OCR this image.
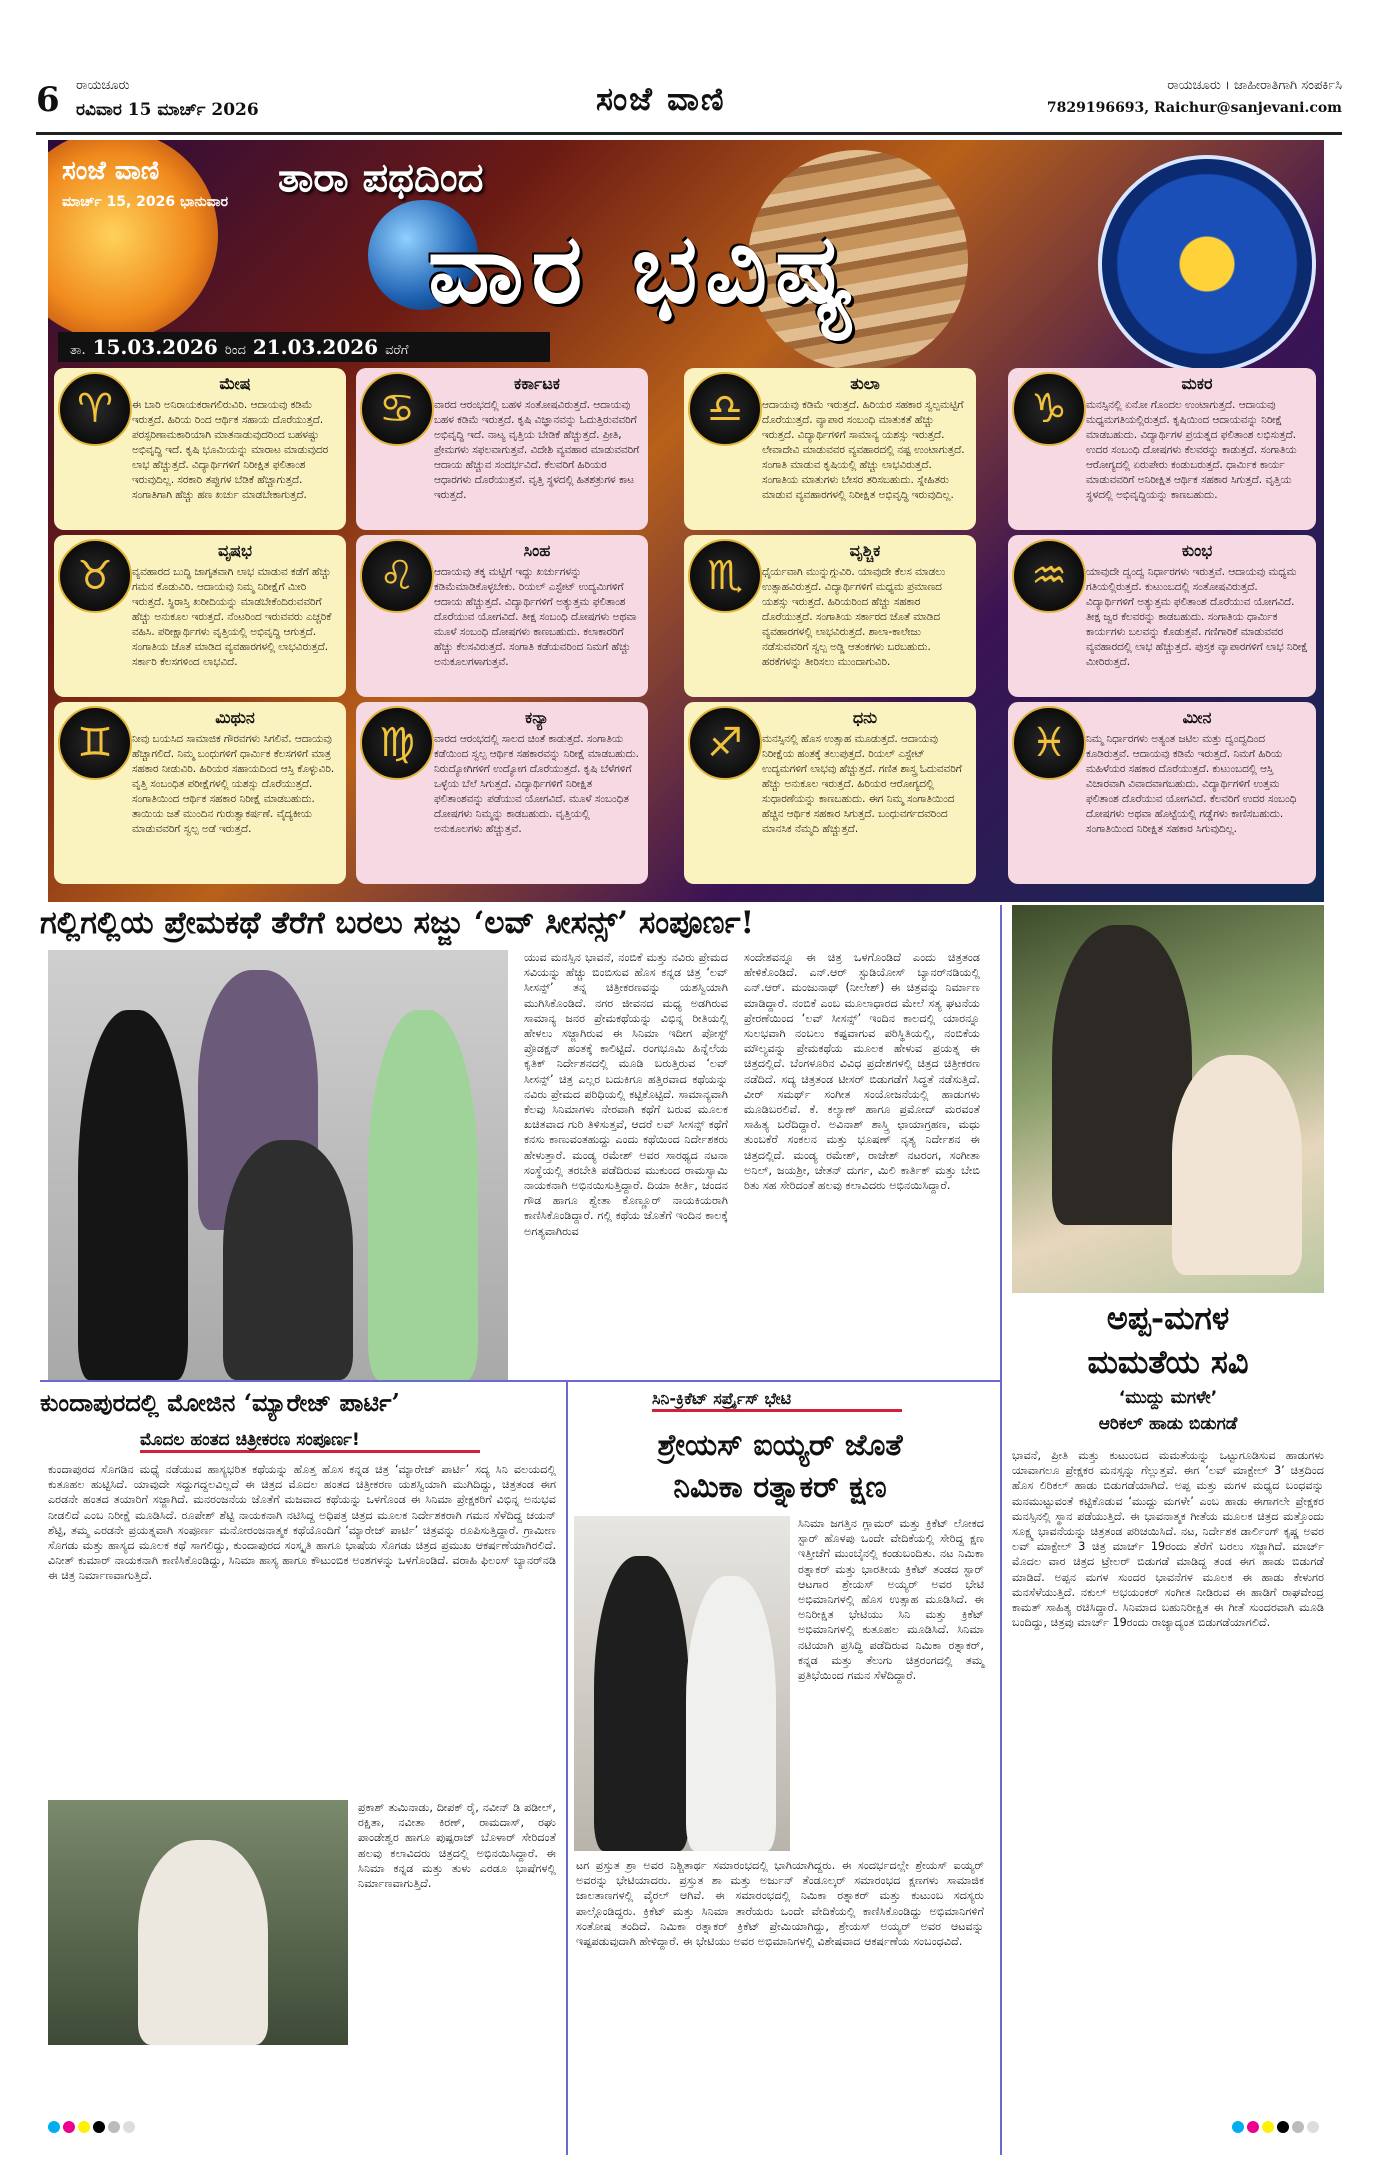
6 ರಾಯಚೂರು
ರವಿವಾರ 15 ಮಾರ್ಚ್ 2026	ಸಂಜೆ ವಾಣಿ	ರಾಯಚೂರು । ಜಾಹೀರಾತಿಗಾಗಿ ಸಂಪರ್ಕಿಸಿ
7829196693, Raichur@sanjevani.com
ಸಂಜೆ ವಾಣಿ
ಮಾರ್ಚ್ 15, 2026 ಭಾನುವಾರ
ತಾರಾ ಪಥದಿಂದ
ವಾರ ಭವಿಷ್ಯ
ತಾ. 15.03.2026 ರಿಂದ 21.03.2026 ವರೆಗೆ
♈
ಮೇಷ
ಈ ಬಾರಿ ಅನಿರಾಯಕರಾಗಲಿರುವಿರಿ. ಆದಾಯವು ಕಡಿಮೆ ಇರುತ್ತದೆ. ಹಿರಿಯ ರಿಂದ ಆರ್ಥಿಕ ಸಹಾಯ ದೊರೆಯುತ್ತದೆ. ಪರಸ್ಪರಿಣಾಮಕಾರಿಯಾಗಿ ಮಾತನಾಡುವುದರಿಂದ ಬಹಳಷ್ಟು ಅಭಿವೃದ್ಧಿ ಇದೆ. ಕೃಷಿ ಭೂಮಿಯನ್ನು ಮಾರಾಟ ಮಾಡುವುದರ ಲಾಭ ಹೆಚ್ಚುತ್ತದೆ. ವಿದ್ಯಾರ್ಥಿಗಳಿಗೆ ನಿರೀಕ್ಷಿತ ಫಲಿತಾಂಶ ಇರುವುದಿಲ್ಲ. ಸರಕಾರಿ ತಪ್ಪುಗಳ ಬೆಡಿಕೆ ಹೆಚ್ಚಾಗುತ್ತದೆ. ಸಂಗಾತಿಗಾಗಿ ಹೆಚ್ಚು ಹಣ ಖರ್ಚು ಮಾಡಬೇಕಾಗುತ್ತದೆ.
♉
ವೃಷಭ
ವ್ಯವಹಾರದ ಬುದ್ಧಿ ಜಾಗೃತವಾಗಿ ಲಾಭ ಮಾಡುವ ಕಡೆಗೆ ಹೆಚ್ಚು ಗಮನ ಕೊಡುವಿರಿ. ಆದಾಯವು ನಿಮ್ಮ ನಿರೀಕ್ಷೆಗೆ ಮೀರಿ ಇರುತ್ತದೆ. ಸ್ಥಿರಾಸ್ತಿ ಖರೀದಿಯನ್ನು ಮಾಡಬೇಕೆಂದಿರುವವರಿಗೆ ಹೆಚ್ಚು ಅನುಕೂಲ ಇರುತ್ತದೆ. ನೆಂಟರಿಂದ ಇರುವವರು ಎಚ್ಚರಿಕೆ ವಹಿಸಿ. ಪರೀಕ್ಷಾರ್ಥಿಗಳು ವೃತ್ತಿಯಲ್ಲಿ ಅಭಿವೃದ್ಧಿ ಆಗುತ್ತದೆ. ಸಂಗಾತಿಯ ಜೊತೆ ಮಾಡಿದ ವ್ಯವಹಾರಗಳಲ್ಲಿ ಲಾಭವಿರುತ್ತದೆ. ಸರ್ಕಾರಿ ಕೆಲಸಗಳಿಂದ ಲಾಭವಿದೆ.
♊
ಮಿಥುನ
ನೀವು ಬಯಸಿದ ಸಾಮಾಜಿಕ ಗೌರವಗಳು ಸಿಗಲಿವೆ. ಆದಾಯವು ಹೆಚ್ಚಾಗಲಿದೆ. ನಿಮ್ಮ ಬಂಧುಗಳಿಗೆ ಧಾರ್ಮಿಕ ಕೆಲಸಗಳಿಗೆ ಮಾತ್ರ ಸಹಕಾರ ನೀಡುವಿರಿ. ಹಿರಿಯರ ಸಹಾಯದಿಂದ ಆಸ್ತಿ ಕೊಳ್ಳುವಿರಿ. ವೃತ್ತಿ ಸಂಬಂಧಿತ ಪರೀಕ್ಷೆಗಳಲ್ಲಿ ಯಶಸ್ಸು ದೊರೆಯುತ್ತದೆ. ಸಂಗಾತಿಯಿಂದ ಆರ್ಥಿಕ ಸಹಕಾರ ನಿರೀಕ್ಷೆ ಮಾಡಬಹುದು. ತಾಯಿಯ ಜತೆ ಮುಂದಿನ ಗುರುತ್ವಾಕರ್ಷಣೆ. ವೈದ್ಯಕೀಯ ಮಾಡುವವರಿಗೆ ಸ್ವಲ್ಪ ಅಡೆ ಇರುತ್ತದೆ.
♋
ಕರ್ಕಾಟಕ
ವಾರದ ಆರಂಭದಲ್ಲಿ ಬಹಳ ಸಂತೋಷವಿರುತ್ತದೆ. ಆದಾಯವು ಬಹಳ ಕಡಿಮೆ ಇರುತ್ತದೆ. ಕೃಷಿ ವಿಜ್ಞಾನವನ್ನು ಓದುತ್ತಿರುವವರಿಗೆ ಅಭಿವೃದ್ಧಿ ಇದೆ. ನಾಟ್ಯ ವೃತ್ತಿಯ ಬೇಡಿಕೆ ಹೆಚ್ಚುತ್ತದೆ. ಪ್ರೀತಿ, ಪ್ರೇಮಗಳು ಸಫಲವಾಗುತ್ತವೆ. ವಿದೇಶಿ ವ್ಯವಹಾರ ಮಾಡುವವರಿಗೆ ಆದಾಯ ಹೆಚ್ಚುವ ಸಂದರ್ಭವಿದೆ. ಕೆಲವರಿಗೆ ಹಿರಿಯರ ಆಧಾರಗಳು ದೊರೆಯುತ್ತವೆ. ವೃತ್ತಿ ಸ್ಥಳದಲ್ಲಿ ಹಿತಶತ್ರುಗಳ ಕಾಟ ಇರುತ್ತದೆ.
♌
ಸಿಂಹ
ಆದಾಯವು ತಕ್ಕ ಮಟ್ಟಿಗೆ ಇದ್ದು ಖರ್ಚುಗಳನ್ನು ಕಡಿಮೆಮಾಡಿಕೊಳ್ಳಬೇಕು. ರಿಯಲ್ ಎಸ್ಟೇಟ್ ಉದ್ಯಮಿಗಳಿಗೆ ಆದಾಯ ಹೆಚ್ಚುತ್ತದೆ. ವಿದ್ಯಾರ್ಥಿಗಳಿಗೆ ಅತ್ಯುತ್ತಮ ಫಲಿತಾಂಶ ದೊರೆಯುವ ಯೋಗವಿದೆ. ತೀಕ್ಷ ಸಂಬಂಧಿ ದೋಷಗಳು ಅಥವಾ ಮೂಳೆ ಸಂಬಂಧಿ ದೋಷಗಳು ಕಾಣಬಹುದು. ಕಲಾಕಾರರಿಗೆ ಹೆಚ್ಚು ಕೆಲಸವಿರುತ್ತದೆ. ಸಂಗಾತಿ ಕಡೆಯವರಿಂದ ನಿಮಗೆ ಹೆಚ್ಚು ಅನುಕೂಲಗಳಾಗುತ್ತವೆ.
♍
ಕನ್ಯಾ
ವಾರದ ಆರಂಭದಲ್ಲಿ ಸಾಲದ ಚಿಂತೆ ಕಾಡುತ್ತದೆ. ಸಂಗಾತಿಯ ಕಡೆಯಿಂದ ಸ್ವಲ್ಪ ಆರ್ಥಿಕ ಸಹಕಾರವನ್ನು ನಿರೀಕ್ಷೆ ಮಾಡಬಹುದು. ನಿರುದ್ಯೋಗಿಗಳಿಗೆ ಉದ್ಯೋಗ ದೊರೆಯುತ್ತದೆ. ಕೃಷಿ ಬೆಳೆಗಳಿಗೆ ಒಳ್ಳೆಯ ಬೆಲೆ ಸಿಗುತ್ತದೆ. ವಿದ್ಯಾರ್ಥಿಗಳಿಗೆ ನಿರೀಕ್ಷಿತ ಫಲಿತಾಂಶವನ್ನು ಪಡೆಯುವ ಯೋಗವಿದೆ. ಮೂಳೆ ಸಂಬಂಧಿತ ದೋಷಗಳು ನಿಮ್ಮನ್ನು ಕಾಡಬಹುದು. ವೃತ್ತಿಯಲ್ಲಿ ಅನುಕೂಲಗಳು ಹೆಚ್ಚುತ್ತವೆ.
♎
ತುಲಾ
ಆದಾಯವು ಕಡಿಮೆ ಇರುತ್ತದೆ. ಹಿರಿಯರ ಸಹಕಾರ ಸ್ವಲ್ಪಮಟ್ಟಿಗೆ ದೊರೆಯುತ್ತದೆ. ವ್ಯಾಪಾರ ಸಂಬಂಧಿ ಮಾತುಕತೆ ಹೆಚ್ಚು ಇರುತ್ತದೆ. ವಿದ್ಯಾರ್ಥಿಗಳಿಗೆ ಸಾಮಾನ್ಯ ಯಶಸ್ಸು ಇರುತ್ತದೆ. ಲೇವಾದೇವಿ ಮಾಡುವವರ ವ್ಯವಹಾರದಲ್ಲಿ ನಷ್ಟ ಉಂಟಾಗುತ್ತದೆ. ಸಂಗಾತಿ ಮಾಡುವ ಕೃಷಿಯಲ್ಲಿ ಹೆಚ್ಚು ಲಾಭವಿರುತ್ತದೆ. ಸಂಗಾತಿಯ ಮಾತುಗಳು ಬೇಸರ ತರಿಸಬಹುದು. ಸ್ನೇಹಿತರು ಮಾಡುವ ವ್ಯವಹಾರಗಳಲ್ಲಿ ನಿರೀಕ್ಷಿತ ಅಭಿವೃದ್ಧಿ ಇರುವುದಿಲ್ಲ.
♏
ವೃಶ್ಚಿಕ
ಧೈರ್ಯವಾಗಿ ಮುನ್ನುಗ್ಗುವಿರಿ. ಯಾವುದೇ ಕೆಲಸ ಮಾಡಲು ಉತ್ಸಾಹವಿರುತ್ತದೆ. ವಿದ್ಯಾರ್ಥಿಗಳಿಗೆ ಮಧ್ಯಮ ಪ್ರಮಾಣದ ಯಶಸ್ಸು ಇರುತ್ತದೆ. ಹಿರಿಯರಿಂದ ಹೆಚ್ಚು ಸಹಕಾರ ದೊರೆಯುತ್ತದೆ. ಸಂಗಾತಿಯ ಸರ್ಕಾರದ ಜೊತೆ ಮಾಡಿದ ವ್ಯವಹಾರಗಳಲ್ಲಿ ಲಾಭವಿರುತ್ತದೆ. ಶಾಲಾ-ಕಾಲೇಜು ನಡೆಸುವವರಿಗೆ ಸ್ವಲ್ಪ ಅಡ್ಡಿ ಆತಂಕಗಳು ಬರಬಹುದು. ಹರಕೆಗಳನ್ನು ತೀರಿಸಲು ಮುಂದಾಗುವಿರಿ.
♐
ಧನು
ಮನಸ್ಸಿನಲ್ಲಿ ಹೊಸ ಉತ್ಸಾಹ ಮೂಡುತ್ತದೆ. ಆದಾಯವು ನಿರೀಕ್ಷೆಯ ಹಂತಕ್ಕೆ ತಲುಪುತ್ತದೆ. ರಿಯಲ್ ಎಸ್ಟೇಟ್ ಉದ್ಯಮಗಳಿಗೆ ಲಾಭವು ಹೆಚ್ಚುತ್ತದೆ. ಗಣಿತ ಶಾಸ್ತ್ರ ಓದುವವರಿಗೆ ಹೆಚ್ಚು ಅನುಕೂಲ ಇರುತ್ತದೆ. ಹಿರಿಯರ ಆರೋಗ್ಯದಲ್ಲಿ ಸುಧಾರಣೆಯನ್ನು ಕಾಣಬಹುದು. ಈಗ ನಿಮ್ಮ ಸಂಗಾತಿಯಿಂದ ಹೆಚ್ಚಿನ ಆರ್ಥಿಕ ಸಹಕಾರ ಸಿಗುತ್ತದೆ. ಬಂಧುವರ್ಗದವರಿಂದ ಮಾನಸಿಕ ನೆಮ್ಮದಿ ಹೆಚ್ಚುತ್ತದೆ.
♑
ಮಕರ
ಮನಸ್ಸಿನಲ್ಲಿ ಏನೋ ಗೊಂದಲ ಉಂಟಾಗುತ್ತದೆ. ಆದಾಯವು ಮಧ್ಯಮಗತಿಯಲ್ಲಿರುತ್ತದೆ. ಕೃಷಿಯಿಂದ ಆದಾಯವನ್ನು ನಿರೀಕ್ಷೆ ಮಾಡಬಹುದು. ವಿದ್ಯಾರ್ಥಿಗಳ ಪ್ರಯತ್ನದ ಫಲಿತಾಂಶ ಲಭಿಸುತ್ತದೆ. ಉದರ ಸಂಬಂಧಿ ದೋಷಗಳು ಕೆಲವರನ್ನು ಕಾಡುತ್ತದೆ. ಸಂಗಾತಿಯ ಆರೋಗ್ಯದಲ್ಲಿ ಏರುಪೇರು ಕಂಡುಬರುತ್ತದೆ. ಧಾರ್ಮಿಕ ಕಾರ್ಯ ಮಾಡುವವರಿಗೆ ಅನಿರೀಕ್ಷಿತ ಆರ್ಥಿಕ ಸಹಕಾರ ಸಿಗುತ್ತದೆ. ವೃತ್ತಿಯ ಸ್ಥಳದಲ್ಲಿ ಅಭಿವೃದ್ಧಿಯನ್ನು ಕಾಣಬಹುದು.
♒
ಕುಂಭ
ಯಾವುದೇ ದ್ವಂದ್ವ ನಿರ್ಧಾರಗಳು ಇರುತ್ತವೆ. ಆದಾಯವು ಮಧ್ಯಮ ಗತಿಯಲ್ಲಿರುತ್ತದೆ. ಕುಟುಂಬದಲ್ಲಿ ಸಂತೋಷವಿರುತ್ತದೆ. ವಿದ್ಯಾರ್ಥಿಗಳಿಗೆ ಅತ್ಯುತ್ತಮ ಫಲಿತಾಂಶ ದೊರೆಯುವ ಯೋಗವಿದೆ. ತೀಕ್ಷ ಜ್ವರ ಕೆಲವರನ್ನು ಕಾಡಬಹುದು. ಸಂಗಾತಿಯ ಧಾರ್ಮಿಕ ಕಾರ್ಯಗಳು ಬಲವನ್ನು ಕೊಡುತ್ತವೆ. ಗಣಿಗಾರಿಕೆ ಮಾಡುವವರ ವ್ಯವಹಾರದಲ್ಲಿ ಲಾಭ ಹೆಚ್ಚುತ್ತದೆ. ಪುಸ್ತಕ ವ್ಯಾಪಾರಗಳಿಗೆ ಲಾಭ ನಿರೀಕ್ಷೆ ಮೀರಿರುತ್ತದೆ.
♓
ಮೀನ
ನಿಮ್ಮ ನಿರ್ಧಾರಗಳು ಅತ್ಯಂತ ಜಟಿಲ ಮತ್ತು ದ್ವಂದ್ವದಿಂದ ಕೂಡಿರುತ್ತವೆ. ಆದಾಯವು ಕಡಿಮೆ ಇರುತ್ತದೆ. ನಿಮಗೆ ಹಿರಿಯ ಮಹಿಳೆಯರ ಸಹಕಾರ ದೊರೆಯುತ್ತದೆ. ಕುಟುಂಬದಲ್ಲಿ ಆಸ್ತಿ ವಿಚಾರವಾಗಿ ವಿವಾದವಾಗಬಹುದು. ವಿದ್ಯಾರ್ಥಿಗಳಿಗೆ ಉತ್ತಮ ಫಲಿತಾಂಶ ದೊರೆಯುವ ಯೋಗವಿದೆ. ಕೆಲವರಿಗೆ ಉದರ ಸಂಬಂಧಿ ದೋಷಗಳು ಅಥವಾ ಹೊಟ್ಟೆಯಲ್ಲಿ ಗಡ್ಡೆಗಳು ಕಾಣಿಸಬಹುದು. ಸಂಗಾತಿಯಿಂದ ನಿರೀಕ್ಷಿತ ಸಹಕಾರ ಸಿಗುವುದಿಲ್ಲ.
ಗಲ್ಲಿಗಲ್ಲಿಯ ಪ್ರೇಮಕಥೆ ತೆರೆಗೆ ಬರಲು ಸಜ್ಜು ‘ಲವ್ ಸೀಸನ್ಸ್’ ಸಂಪೂರ್ಣ!
ಯುವ ಮನಸ್ಸಿನ ಭಾವನೆ, ನಂಬಿಕೆ ಮತ್ತು ನವಿರು ಪ್ರೇಮದ ಸವಿಯನ್ನು ಹೆಚ್ಚು ಬಿಂಬಿಸುವ ಹೊಸ ಕನ್ನಡ ಚಿತ್ರ ‘ಲವ್ ಸೀಸನ್ಸ್’ ತನ್ನ ಚಿತ್ರೀಕರಣವನ್ನು ಯಶಸ್ವಿಯಾಗಿ ಮುಗಿಸಿಕೊಂಡಿದೆ. ನಗರ ಜೀವನದ ಮಧ್ಯ ಅಡಗಿರುವ ಸಾಮಾನ್ಯ ಜನರ ಪ್ರೇಮಕಥೆಯನ್ನು ವಿಭಿನ್ನ ರೀತಿಯಲ್ಲಿ ಹೇಳಲು ಸಜ್ಜಾಗಿರುವ ಈ ಸಿನಿಮಾ ಇದೀಗ ಪೋಸ್ಟ್ ಪ್ರೊಡಕ್ಷನ್ ಹಂತಕ್ಕೆ ಕಾಲಿಟ್ಟಿದೆ. ರಂಗಭೂಮಿ ಹಿನ್ನೆಲೆಯ ಕೃತಿಕ್ ನಿರ್ದೇಶನದಲ್ಲಿ ಮೂಡಿ ಬರುತ್ತಿರುವ ‘ಲವ್ ಸೀಸನ್ಸ್’ ಚಿತ್ರ ಎಲ್ಲರ ಬದುಕಿಗೂ ಹತ್ತಿರವಾದ ಕಥೆಯನ್ನು ನವಿರು ಪ್ರೇಮದ ಪರಿಧಿಯಲ್ಲಿ ಕಟ್ಟಿಕೊಟ್ಟಿದೆ. ಸಾಮಾನ್ಯವಾಗಿ ಕೆಲವು ಸಿನಿಮಾಗಳು ನೇರವಾಗಿ ಕಥೆಗೆ ಬರುವ ಮೂಲಕ ಖಚಿತವಾದ ಗುರಿ ತಿಳಿಸುತ್ತವೆ, ಆದರೆ ಲವ್ ಸೀಸನ್ಸ್ ಕಥೆಗೆ ಕನಸು ಕಾಣುವಂತಹುದ್ದು ಎಂದು ಕಥೆಯಿಂದ ನಿರ್ದೇಶಕರು ಹೇಳುತ್ತಾರೆ. ಮಂಡ್ಯ ರಮೇಶ್ ಅವರ ಸಾರಥ್ಯದ ನಟನಾ ಸಂಸ್ಥೆಯಲ್ಲಿ ತರಬೇತಿ ಪಡೆದಿರುವ ಮುಕುಂದ ರಾಮಸ್ವಾಮಿ ನಾಯಕನಾಗಿ ಅಭಿನಯಿಸುತ್ತಿದ್ದಾರೆ. ದಿಯಾ ಕೀರ್ತಿ, ಚಂದನ ಗೌಡ ಹಾಗೂ ಶ್ವೇತಾ ಕೊಣ್ಣೂರ್ ನಾಯಕಿಯರಾಗಿ ಕಾಣಿಸಿಕೊಂಡಿದ್ದಾರೆ. ಗಲ್ಲಿ ಕಥೆಯ ಜೊತೆಗೆ ಇಂದಿನ ಕಾಲಕ್ಕೆ ಅಗತ್ಯವಾಗಿರುವ
ಸಂದೇಶವನ್ನೂ ಈ ಚಿತ್ರ ಒಳಗೊಂಡಿದೆ ಎಂದು ಚಿತ್ರತಂಡ ಹೇಳಿಕೊಂಡಿದೆ. ಎನ್.ಆರ್ ಸ್ಟುಡಿಯೋಸ್ ಬ್ಯಾನರ್‌ನಡಿಯಲ್ಲಿ ಎನ್.ಆರ್. ಮಂಜುನಾಥ್ (ನೀಲೇಶ್) ಈ ಚಿತ್ರವನ್ನು ನಿರ್ಮಾಣ ಮಾಡಿದ್ದಾರೆ. ನಂಬಿಕೆ ಎಂಬ ಮೂಲಾಧಾರದ ಮೇಲೆ ಸತ್ಯ ಘಟನೆಯ ಪ್ರೇರಣೆಯಿಂದ ‘ಲವ್ ಸೀಸನ್ಸ್’ ಇಂದಿನ ಕಾಲದಲ್ಲಿ ಯಾರನ್ನೂ ಸುಲಭವಾಗಿ ನಂಬಲು ಕಷ್ಟವಾಗುವ ಪರಿಸ್ಥಿತಿಯಲ್ಲಿ, ನಂಬಿಕೆಯ ಮೌಲ್ಯವನ್ನು ಪ್ರೇಮಕಥೆಯ ಮೂಲಕ ಹೇಳುವ ಪ್ರಯತ್ನ ಈ ಚಿತ್ರದಲ್ಲಿದೆ. ಬೆಂಗಳೂರಿನ ವಿವಿಧ ಪ್ರದೇಶಗಳಲ್ಲಿ ಚಿತ್ರದ ಚಿತ್ರೀಕರಣ ನಡೆದಿದೆ. ಸದ್ಯ ಚಿತ್ರತಂಡ ಟೀಸರ್ ಬಿಡುಗಡೆಗೆ ಸಿದ್ಧತೆ ನಡೆಸುತ್ತಿದೆ. ವೀರ್ ಸಮರ್ಥ್ ಸಂಗೀತ ಸಂಯೋಜನೆಯಲ್ಲಿ ಹಾಡುಗಳು ಮೂಡಿಬರಲಿವೆ. ಕೆ. ಕಲ್ಯಾಣ್ ಹಾಗೂ ಪ್ರಮೋದ್ ಮರವಂತೆ ಸಾಹಿತ್ಯ ಬರೆದಿದ್ದಾರೆ. ಅವಿನಾಶ್ ಶಾಸ್ತ್ರಿ ಛಾಯಾಗ್ರಹಣ, ಮಧು ತುಂಬಕೆರೆ ಸಂಕಲನ ಮತ್ತು ಭೂಷಣ್ ನೃತ್ಯ ನಿರ್ದೇಶನ ಈ ಚಿತ್ರದಲ್ಲಿದೆ. ಮಂಡ್ಯ ರಮೇಶ್, ರಾಜೇಶ್ ನಟರಂಗ, ಸಂಗೀತಾ ಅನಿಲ್, ಜಯಶ್ರೀ, ಚೇತನ್ ದುರ್ಗ, ಮಿಲಿ ಕಾರ್ತಿಕ್ ಮತ್ತು ಬೇಬಿ ರಿತು ಸಹ ಸೇರಿದಂತೆ ಹಲವು ಕಲಾವಿದರು ಅಭಿನಯಿಸಿದ್ದಾರೆ.
ಅಪ್ಪ-ಮಗಳ
ಮಮತೆಯ ಸವಿ
‘ಮುದ್ದು ಮಗಳೇ’
ಆರಿಕಲ್ ಹಾಡು ಬಿಡುಗಡೆ
ಭಾವನೆ, ಪ್ರೀತಿ ಮತ್ತು ಕುಟುಂಬದ ಮಮತೆಯನ್ನು ಒಟ್ಟುಗೂಡಿಸುವ ಹಾಡುಗಳು ಯಾವಾಗಲೂ ಪ್ರೇಕ್ಷಕರ ಮನಸ್ಸನ್ನು ಗೆಲ್ಲುತ್ತವೆ. ಈಗ ‘ಲವ್ ಮಾಕ್ಟೇಲ್ 3’ ಚಿತ್ರದಿಂದ ಹೊಸ ಲಿರಿಕಲ್ ಹಾಡು ಬಿಡುಗಡೆಯಾಗಿದೆ. ಅಪ್ಪ ಮತ್ತು ಮಗಳ ಮಧ್ಯದ ಬಂಧವನ್ನು ಮನಮುಟ್ಟುವಂತೆ ಕಟ್ಟಿಕೊಡುವ ‘ಮುದ್ದು ಮಗಳೇ’ ಎಂಬ ಹಾಡು ಈಗಾಗಲೇ ಪ್ರೇಕ್ಷಕರ ಮನಸ್ಸಿನಲ್ಲಿ ಸ್ಥಾನ ಪಡೆಯುತ್ತಿದೆ. ಈ ಭಾವನಾತ್ಮಕ ಗೀತೆಯ ಮೂಲಕ ಚಿತ್ರದ ಮತ್ತೊಂದು ಸೂಕ್ಷ್ಮ ಭಾವನೆಯನ್ನು ಚಿತ್ರತಂಡ ಪರಿಚಯಿಸಿದೆ. ನಟ, ನಿರ್ದೇಶಕ ಡಾರ್ಲಿಂಗ್ ಕೃಷ್ಣ ಅವರ ಲವ್ ಮಾಕ್ಟೇಲ್ 3 ಚಿತ್ರ ಮಾರ್ಚ್ 19ರಂದು ತೆರೆಗೆ ಬರಲು ಸಜ್ಜಾಗಿದೆ. ಮಾರ್ಚ್ ಮೊದಲ ವಾರ ಚಿತ್ರದ ಟ್ರೇಲರ್ ಬಿಡುಗಡೆ ಮಾಡಿದ್ದ ತಂಡ ಈಗ ಹಾಡು ಬಿಡುಗಡೆ ಮಾಡಿದೆ. ಅಪ್ಪನ ಮಗಳ ಸುಂದರ ಭಾವನೆಗಳ ಮೂಲಕ ಈ ಹಾಡು ಕೇಳುಗರ ಮನಸೆಳೆಯುತ್ತಿದೆ. ನಕುಲ್ ಅಭಯಂಕರ್ ಸಂಗೀತ ನೀಡಿರುವ ಈ ಹಾಡಿಗೆ ರಾಘವೇಂದ್ರ ಕಾಮತ್ ಸಾಹಿತ್ಯ ರಚಿಸಿದ್ದಾರೆ. ಸಿನಿಮಾದ ಬಹುನಿರೀಕ್ಷಿತ ಈ ಗೀತೆ ಸುಂದರವಾಗಿ ಮೂಡಿ ಬಂದಿದ್ದು, ಚಿತ್ರವು ಮಾರ್ಚ್ 19ರಂದು ರಾಜ್ಯಾದ್ಯಂತ ಬಿಡುಗಡೆಯಾಗಲಿದೆ.
ಕುಂದಾಪುರದಲ್ಲಿ ಮೋಜಿನ ‘ಮ್ಯಾರೇಜ್ ಪಾರ್ಟಿ’
ಮೊದಲ ಹಂತದ ಚಿತ್ರೀಕರಣ ಸಂಪೂರ್ಣ!
ಕುಂದಾಪುರದ ಸೊಗಡಿನ ಮಧ್ಯೆ ನಡೆಯುವ ಹಾಸ್ಯಭರಿತ ಕಥೆಯನ್ನು ಹೊತ್ತ ಹೊಸ ಕನ್ನಡ ಚಿತ್ರ ‘ಮ್ಯಾರೇಜ್ ಪಾರ್ಟಿ’ ಸದ್ಯ ಸಿನಿ ವಲಯದಲ್ಲಿ ಕುತೂಹಲ ಹುಟ್ಟಿಸಿದೆ. ಯಾವುದೇ ಸದ್ದುಗದ್ದಲವಿಲ್ಲದೆ ಈ ಚಿತ್ರದ ಮೊದಲ ಹಂತದ ಚಿತ್ರೀಕರಣ ಯಶಸ್ವಿಯಾಗಿ ಮುಗಿದಿದ್ದು, ಚಿತ್ರತಂಡ ಈಗ ಎರಡನೇ ಹಂತದ ತಯಾರಿಗೆ ಸಜ್ಜಾಗಿದೆ. ಮನರಂಜನೆಯ ಜೊತೆಗೆ ಮಜವಾದ ಕಥೆಯನ್ನು ಒಳಗೊಂಡ ಈ ಸಿನಿಮಾ ಪ್ರೇಕ್ಷಕರಿಗೆ ವಿಭಿನ್ನ ಅನುಭವ ನೀಡಲಿದೆ ಎಂಬ ನಿರೀಕ್ಷೆ ಮೂಡಿಸಿದೆ. ರೂಪೇಶ್ ಶೆಟ್ಟಿ ನಾಯಕನಾಗಿ ನಟಿಸಿದ್ದ ಅಧಿಪತ್ರ ಚಿತ್ರದ ಮೂಲಕ ನಿರ್ದೇಶಕರಾಗಿ ಗಮನ ಸೆಳೆದಿದ್ದ ಚಯನ್ ಶೆಟ್ಟಿ, ತಮ್ಮ ಎರಡನೇ ಪ್ರಯತ್ನವಾಗಿ ಸಂಪೂರ್ಣ ಮನೋರಂಜನಾತ್ಮಕ ಕಥೆಯೊಂದಿಗೆ ‘ಮ್ಯಾರೇಜ್ ಪಾರ್ಟಿ’ ಚಿತ್ರವನ್ನು ರೂಪಿಸುತ್ತಿದ್ದಾರೆ. ಗ್ರಾಮೀಣ ಸೊಗಡು ಮತ್ತು ಹಾಸ್ಯದ ಮೂಲಕ ಕಥೆ ಸಾಗಲಿದ್ದು, ಕುಂದಾಪುರದ ಸಂಸ್ಕೃತಿ ಹಾಗೂ ಭಾಷೆಯ ಸೊಗಡು ಚಿತ್ರದ ಪ್ರಮುಖ ಆಕರ್ಷಣೆಯಾಗಿರಲಿದೆ. ವಿನೀತ್ ಕುಮಾರ್ ನಾಯಕನಾಗಿ ಕಾಣಿಸಿಕೊಂಡಿದ್ದು, ಸಿನಿಮಾ ಹಾಸ್ಯ ಹಾಗೂ ಕೌಟುಂಬಿಕ ಅಂಶಗಳನ್ನು ಒಳಗೊಂಡಿದೆ. ವರಾಹಿ ಫಿಲಂಸ್ ಬ್ಯಾನರ್‌ನಡಿ ಈ ಚಿತ್ರ ನಿರ್ಮಾಣವಾಗುತ್ತಿದೆ.
ಪ್ರಕಾಶ್ ತುಮಿನಾಡು, ದೀಪಕ್ ರೈ, ನವೀನ್ ಡಿ ಪಡೀಲ್, ರಕ್ಷಿತಾ, ನವೀತಾ ಕಿರಣ್, ರಾಮದಾಸ್, ರಘು ಪಾಂಡೇಶ್ವರ ಹಾಗೂ ಪುಷ್ಪರಾಜ್ ಬೊಳಾರ್ ಸೇರಿದಂತೆ ಹಲವು ಕಲಾವಿದರು ಚಿತ್ರದಲ್ಲಿ ಅಭಿನಯಿಸಿದ್ದಾರೆ. ಈ ಸಿನಿಮಾ ಕನ್ನಡ ಮತ್ತು ತುಳು ಎರಡೂ ಭಾಷೆಗಳಲ್ಲಿ ನಿರ್ಮಾಣವಾಗುತ್ತಿದೆ.
ಸಿನಿ-ಕ್ರಿಕೆಟ್ ಸರ್ಪ್ರೈಸ್ ಭೇಟಿ
ಶ್ರೇಯಸ್ ಐಯ್ಯರ್ ಜೊತೆ
ನಿಮಿಕಾ ರತ್ನಾಕರ್ ಕ್ಷಣ
ಸಿನಿಮಾ ಜಗತ್ತಿನ ಗ್ಲಾಮರ್ ಮತ್ತು ಕ್ರಿಕೆಟ್ ಲೋಕದ ಸ್ಟಾರ್ ಹೊಳಪು ಒಂದೇ ವೇದಿಕೆಯಲ್ಲಿ ಸೇರಿದ್ದ ಕ್ಷಣ ಇತ್ತೀಚೆಗೆ ಮುಂಬೈನಲ್ಲಿ ಕಂಡುಬಂದಿತು. ನಟ ನಿಮಿಕಾ ರತ್ನಾಕರ್ ಮತ್ತು ಭಾರತೀಯ ಕ್ರಿಕೆಟ್ ತಂಡದ ಸ್ಟಾರ್ ಆಟಗಾರ ಶ್ರೇಯಸ್ ಅಯ್ಯರ್ ಅವರ ಭೇಟಿ ಅಭಿಮಾನಿಗಳಲ್ಲಿ ಹೊಸ ಉತ್ಸಾಹ ಮೂಡಿಸಿದೆ. ಈ ಅನಿರೀಕ್ಷಿತ ಭೇಟಿಯು ಸಿನಿ ಮತ್ತು ಕ್ರಿಕೆಟ್ ಅಭಿಮಾನಿಗಳಲ್ಲಿ ಕುತೂಹಲ ಮೂಡಿಸಿದೆ. ಸಿನಿಮಾ ನಟಿಯಾಗಿ ಪ್ರಸಿದ್ಧಿ ಪಡೆದಿರುವ ನಿಮಿಕಾ ರತ್ನಾಕರ್, ಕನ್ನಡ ಮತ್ತು ತೆಲುಗು ಚಿತ್ರರಂಗದಲ್ಲಿ ತಮ್ಮ ಪ್ರತಿಭೆಯಿಂದ ಗಮನ ಸೆಳೆದಿದ್ದಾರೆ.
ಟಗ ಪ್ರಸ್ತುತ ಶ್ರಾ ಅವರ ನಿಶ್ಚಿತಾರ್ಥ ಸಮಾರಂಭದಲ್ಲಿ ಭಾಗಿಯಾಗಿದ್ದರು. ಈ ಸಂದರ್ಭದಲ್ಲೇ ಶ್ರೇಯಸ್ ಐಯ್ಯರ್ ಅವರನ್ನು ಭೇಟಿಯಾದರು. ಪ್ರಸ್ತುತ ಶಾ ಮತ್ತು ಅರ್ಜುನ್ ತೆಂಡೂಲ್ಕರ್ ಸಮಾರಂಭದ ಕ್ಷಣಗಳು ಸಾಮಾಜಿಕ ಜಾಲತಾಣಗಳಲ್ಲಿ ವೈರಲ್ ಆಗಿವೆ. ಈ ಸಮಾರಂಭದಲ್ಲಿ ನಿಮಿಕಾ ರತ್ನಾಕರ್ ಮತ್ತು ಕುಟುಂಬ ಸದಸ್ಯರು ಪಾಲ್ಗೊಂಡಿದ್ದರು. ಕ್ರಿಕೆಟ್ ಮತ್ತು ಸಿನಿಮಾ ತಾರೆಯರು ಒಂದೇ ವೇದಿಕೆಯಲ್ಲಿ ಕಾಣಿಸಿಕೊಂಡಿದ್ದು ಅಭಿಮಾನಿಗಳಿಗೆ ಸಂತೋಷ ತಂದಿದೆ. ನಿಮಿಕಾ ರತ್ನಾಕರ್ ಕ್ರಿಕೆಟ್ ಪ್ರೇಮಿಯಾಗಿದ್ದು, ಶ್ರೇಯಸ್ ಅಯ್ಯರ್ ಅವರ ಆಟವನ್ನು ಇಷ್ಟಪಡುವುದಾಗಿ ಹೇಳಿದ್ದಾರೆ. ಈ ಭೇಟಿಯು ಅವರ ಅಭಿಮಾನಿಗಳಲ್ಲಿ ವಿಶೇಷವಾದ ಆಕರ್ಷಣೆಯ ಸಂಬಂಧವಿದೆ.
